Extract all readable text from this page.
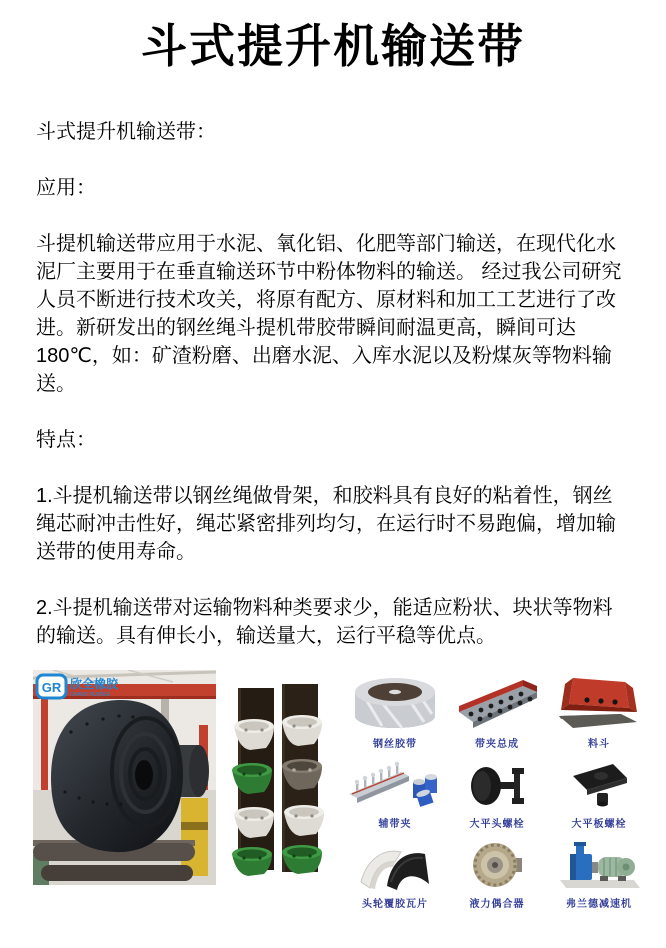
斗式提升机输送带

斗式提升机输送带：

应用：

斗提机输送带应用于水泥、氧化铝、化肥等部门输送，在现代化水泥厂主要用于在垂直输送环节中粉体物料的输送。 经过我公司研究人员不断进行技术攻关，将原有配方、原材料和加工工艺进行了改进。新研发出的钢丝绳斗提机带胶带瞬间耐温更高，瞬间可达180℃，如：矿渣粉磨、出磨水泥、入库水泥以及粉煤灰等物料输送。

特点：

1.斗提机输送带以钢丝绳做骨架，和胶料具有良好的粘着性，钢丝绳芯耐冲击性好，绳芯紧密排列均匀，在运行时不易跑偏，增加输送带的使用寿命。

2.斗提机输送带对运输物料种类要求少，能适应粉状、块状等物料的输送。具有伸长小，输送量大，运行平稳等优点。

GR 欣全橡胶
GRAND RUBBER
钢丝胶带	带夹总成	料斗
辅带夹	大平头螺栓	大平板螺栓
头轮覆胶瓦片	液力偶合器	弗兰德减速机
